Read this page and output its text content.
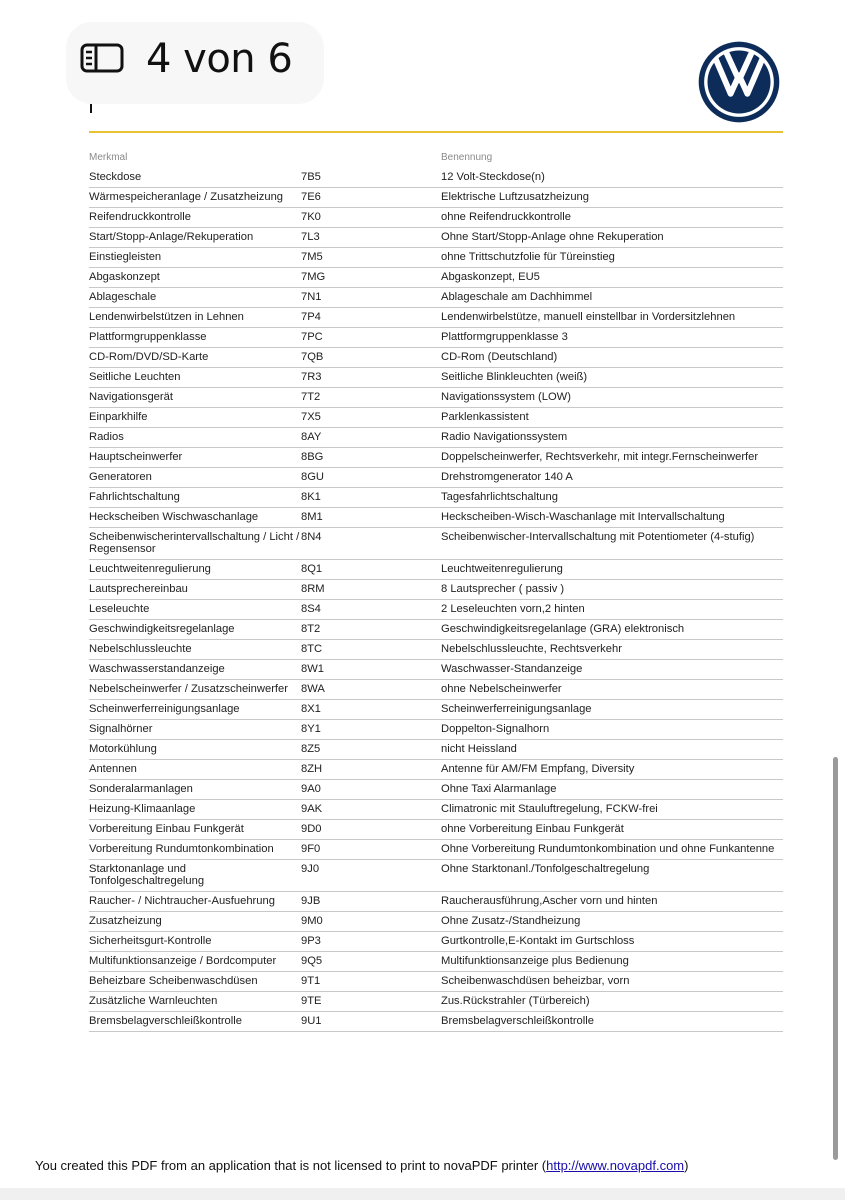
4 von 6
Merkmal		Benennung
Steckdose	7B5	12 Volt-Steckdose(n)
Wärmespeicheranlage / Zusatzheizung	7E6	Elektrische Luftzusatzheizung
Reifendruckkontrolle	7K0	ohne Reifendruckkontrolle
Start/Stopp-Anlage/Rekuperation	7L3	Ohne Start/Stopp-Anlage ohne Rekuperation
Einstiegleisten	7M5	ohne Trittschutzfolie für Türeinstieg
Abgaskonzept	7MG	Abgaskonzept, EU5
Ablageschale	7N1	Ablageschale am Dachhimmel
Lendenwirbelstützen in Lehnen	7P4	Lendenwirbelstütze, manuell einstellbar in Vordersitzlehnen
Plattformgruppenklasse	7PC	Plattformgruppenklasse 3
CD-Rom/DVD/SD-Karte	7QB	CD-Rom (Deutschland)
Seitliche Leuchten	7R3	Seitliche Blinkleuchten (weiß)
Navigationsgerät	7T2	Navigationssystem (LOW)
Einparkhilfe	7X5	Parklenkassistent
Radios	8AY	Radio Navigationssystem
Hauptscheinwerfer	8BG	Doppelscheinwerfer, Rechtsverkehr, mit integr.Fernscheinwerfer
Generatoren	8GU	Drehstromgenerator 140 A
Fahrlichtschaltung	8K1	Tagesfahrlichtschaltung
Heckscheiben Wischwaschanlage	8M1	Heckscheiben-Wisch-Waschanlage mit Intervallschaltung
Scheibenwischerintervallschaltung / Licht / Regensensor	8N4	Scheibenwischer-Intervallschaltung mit Potentiometer (4-stufig)
Leuchtweitenregulierung	8Q1	Leuchtweitenregulierung
Lautsprechereinbau	8RM	8 Lautsprecher ( passiv )
Leseleuchte	8S4	2 Leseleuchten vorn,2 hinten
Geschwindigkeitsregelanlage	8T2	Geschwindigkeitsregelanlage (GRA) elektronisch
Nebelschlussleuchte	8TC	Nebelschlussleuchte, Rechtsverkehr
Waschwasserstandanzeige	8W1	Waschwasser-Standanzeige
Nebelscheinwerfer / Zusatzscheinwerfer	8WA	ohne Nebelscheinwerfer
Scheinwerferreinigungsanlage	8X1	Scheinwerferreinigungsanlage
Signalhörner	8Y1	Doppelton-Signalhorn
Motorkühlung	8Z5	nicht Heissland
Antennen	8ZH	Antenne für AM/FM Empfang, Diversity
Sonderalarmanlagen	9A0	Ohne Taxi Alarmanlage
Heizung-Klimaanlage	9AK	Climatronic mit Stauluftregelung, FCKW-frei
Vorbereitung Einbau Funkgerät	9D0	ohne Vorbereitung Einbau Funkgerät
Vorbereitung Rundumtonkombination	9F0	Ohne Vorbereitung Rundumtonkombination und ohne Funkantenne
Starktonanlage und Tonfolgeschaltregelung	9J0	Ohne Starktonanl./Tonfolgeschaltregelung
Raucher- / Nichtraucher-Ausfuehrung	9JB	Raucherausführung,Ascher vorn und hinten
Zusatzheizung	9M0	Ohne Zusatz-/Standheizung
Sicherheitsgurt-Kontrolle	9P3	Gurtkontrolle,E-Kontakt im Gurtschloss
Multifunktionsanzeige / Bordcomputer	9Q5	Multifunktionsanzeige plus Bedienung
Beheizbare Scheibenwaschdüsen	9T1	Scheibenwaschdüsen beheizbar, vorn
Zusätzliche Warnleuchten	9TE	Zus.Rückstrahler (Türbereich)
Bremsbelagverschleißkontrolle	9U1	Bremsbelagverschleißkontrolle
You created this PDF from an application that is not licensed to print to novaPDF printer (http://www.novapdf.com)
